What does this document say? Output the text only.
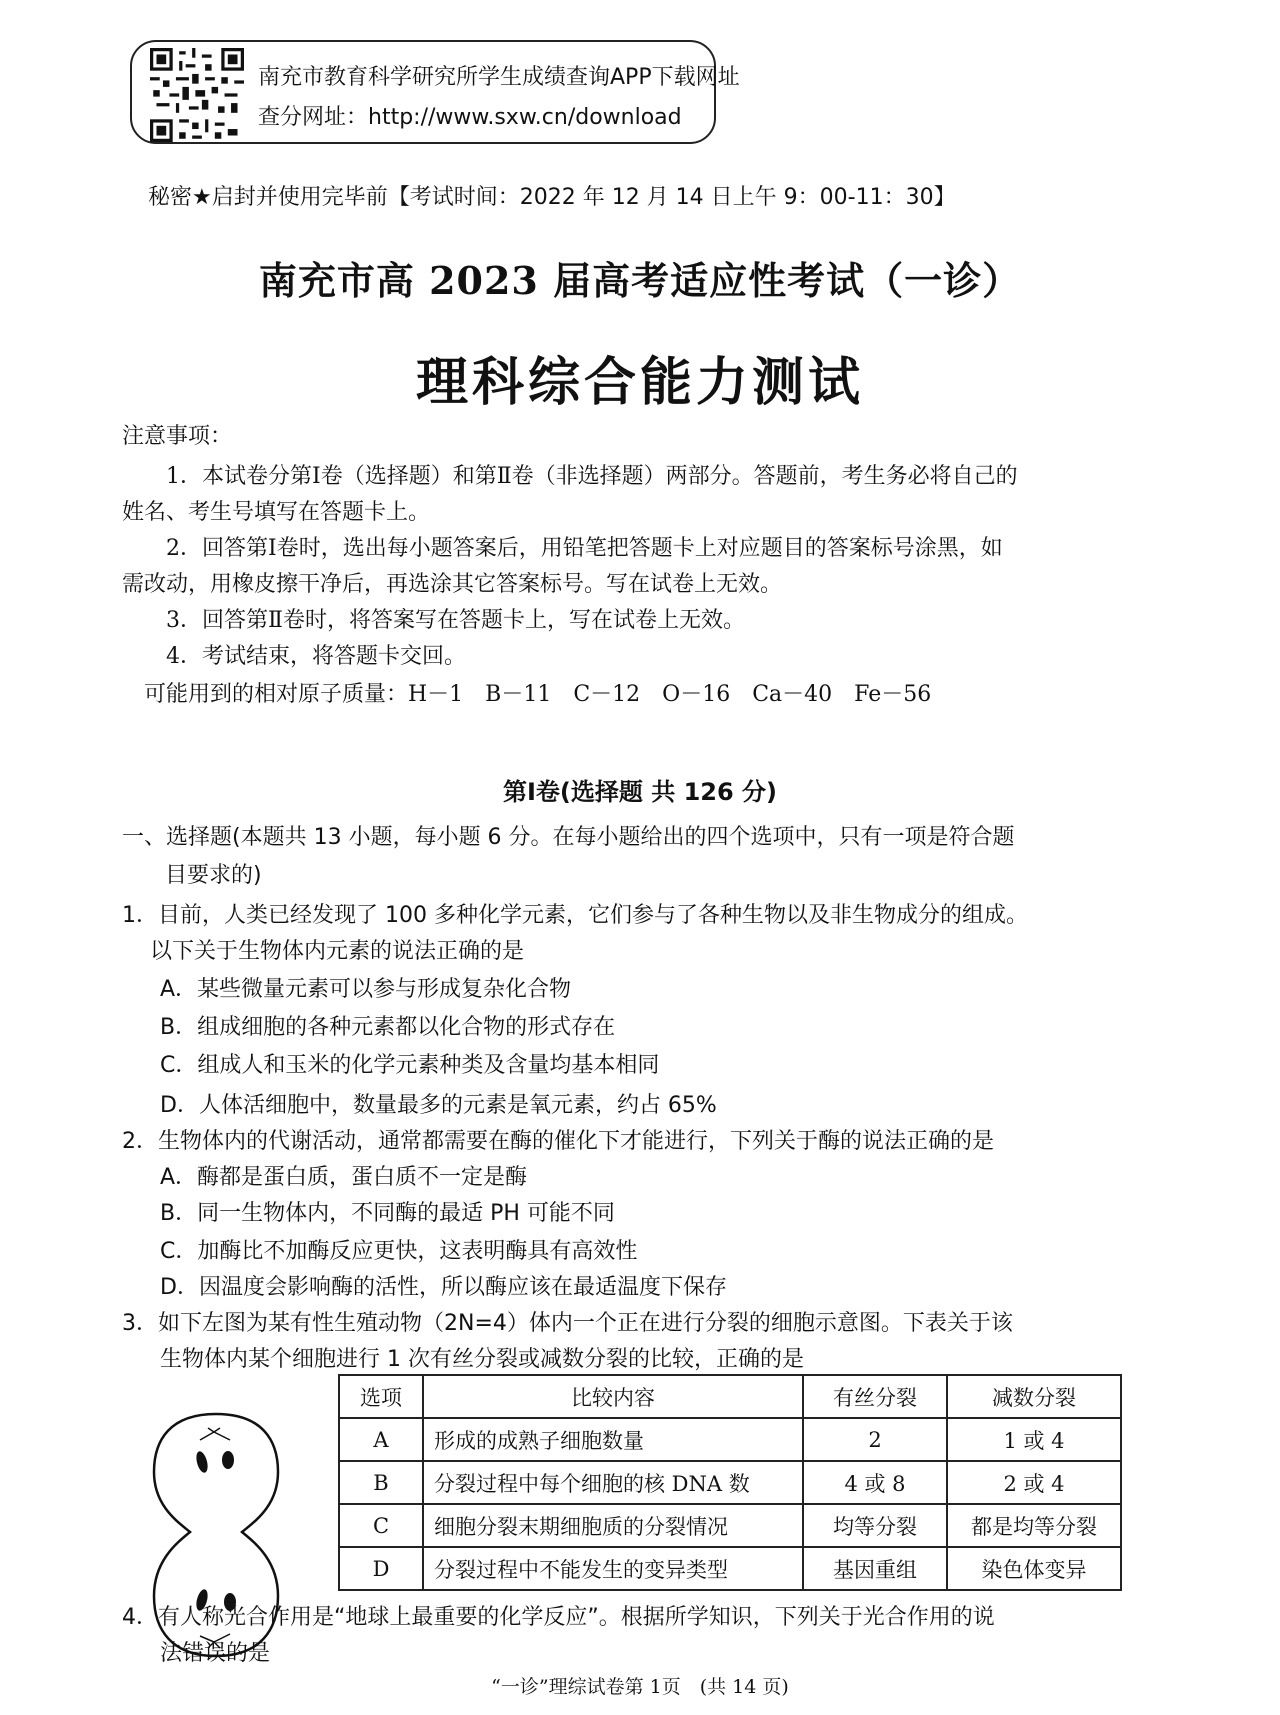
南充市教育科学研究所学生成绩查询APP下载网址
查分网址：http://www.sxw.cn/download
秘密★启封并使用完毕前【考试时间：2022 年 12 月 14 日上午 9：00-11：30】
南充市高 2023 届高考适应性考试（一诊）
理科综合能力测试
注意事项：
1．本试卷分第Ⅰ卷（选择题）和第Ⅱ卷（非选择题）两部分。答题前，考生务必将自己的
姓名、考生号填写在答题卡上。
2．回答第Ⅰ卷时，选出每小题答案后，用铅笔把答题卡上对应题目的答案标号涂黑，如
需改动，用橡皮擦干净后，再选涂其它答案标号。写在试卷上无效。
3．回答第Ⅱ卷时，将答案写在答题卡上，写在试卷上无效。
4．考试结束，将答题卡交回。
可能用到的相对原子质量：H－1　B－11　C－12　O－16　Ca－40　Fe－56
第Ⅰ卷(选择题 共 126 分)
一、选择题(本题共 13 小题，每小题 6 分。在每小题给出的四个选项中，只有一项是符合题
目要求的)
1．目前，人类已经发现了 100 多种化学元素，它们参与了各种生物以及非生物成分的组成。
以下关于生物体内元素的说法正确的是
A．某些微量元素可以参与形成复杂化合物
B．组成细胞的各种元素都以化合物的形式存在
C．组成人和玉米的化学元素种类及含量均基本相同
D．人体活细胞中，数量最多的元素是氧元素，约占 65%
2．生物体内的代谢活动，通常都需要在酶的催化下才能进行，下列关于酶的说法正确的是
A．酶都是蛋白质，蛋白质不一定是酶
B．同一生物体内，不同酶的最适 PH 可能不同
C．加酶比不加酶反应更快，这表明酶具有高效性
D．因温度会影响酶的活性，所以酶应该在最适温度下保存
3．如下左图为某有性生殖动物（2N=4）体内一个正在进行分裂的细胞示意图。下表关于该
生物体内某个细胞进行 1 次有丝分裂或减数分裂的比较，正确的是
选项	比较内容	有丝分裂	减数分裂
A	形成的成熟子细胞数量	2	1 或 4
B	分裂过程中每个细胞的核 DNA 数	4 或 8	2 或 4
C	细胞分裂末期细胞质的分裂情况	均等分裂	都是均等分裂
D	分裂过程中不能发生的变异类型	基因重组	染色体变异
4．有人称光合作用是“地球上最重要的化学反应”。根据所学知识，下列关于光合作用的说
法错误的是
“一诊”理综试卷第 1页　(共 14 页)
